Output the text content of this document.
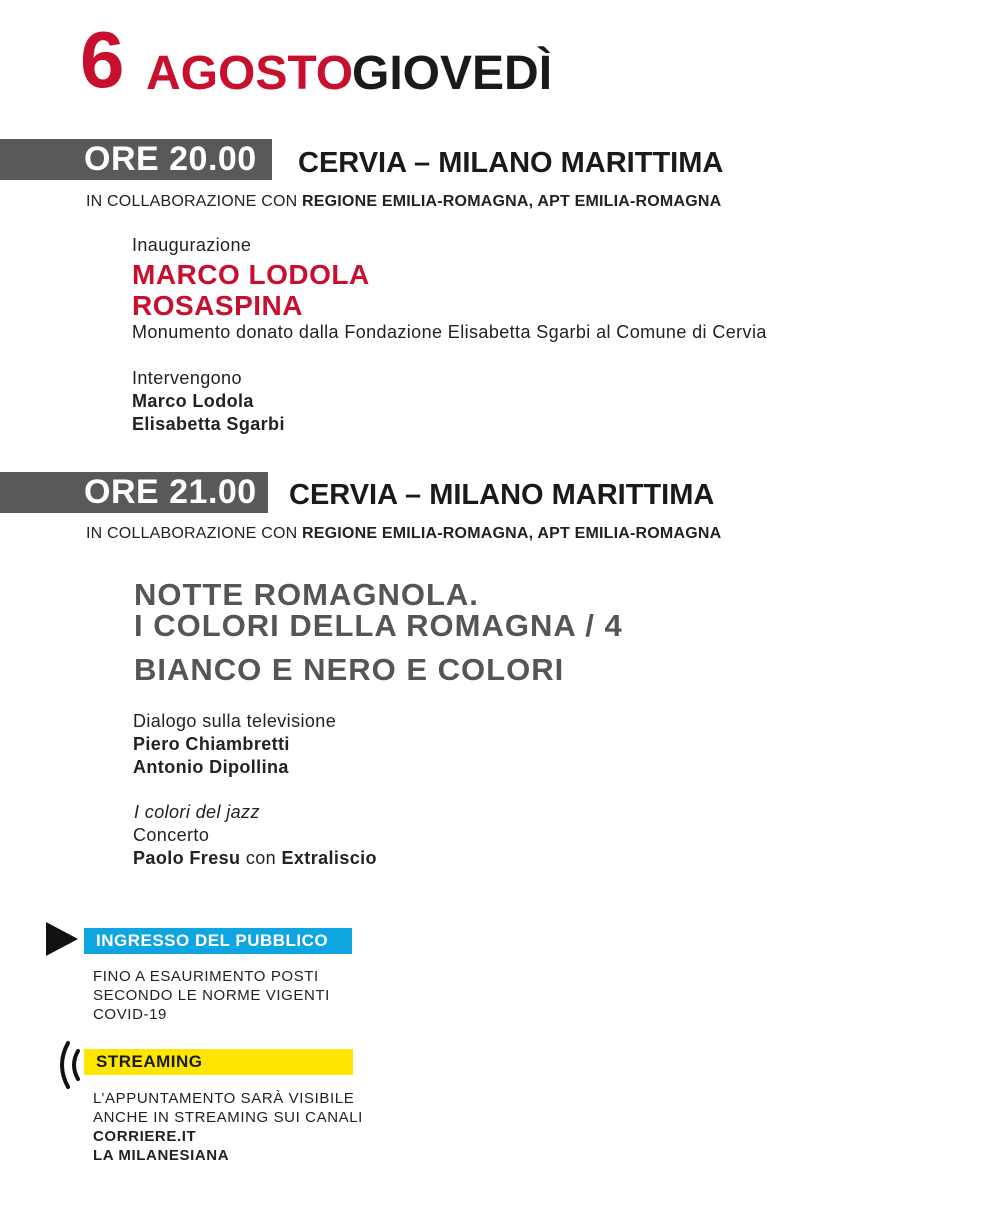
6 AGOSTO
GIOVEDÌ
ORE 20.00 CERVIA – MILANO MARITTIMA
IN COLLABORAZIONE CON REGIONE EMILIA-ROMAGNA, APT EMILIA-ROMAGNA
Inaugurazione
MARCO LODOLA
ROSASPINA
Monumento donato dalla Fondazione Elisabetta Sgarbi al Comune di Cervia
Intervengono
Marco Lodola
Elisabetta Sgarbi
ORE 21.00 CERVIA – MILANO MARITTIMA
IN COLLABORAZIONE CON REGIONE EMILIA-ROMAGNA, APT EMILIA-ROMAGNA
NOTTE ROMAGNOLA.
I COLORI DELLA ROMAGNA / 4
BIANCO E NERO E COLORI
Dialogo sulla televisione
Piero Chiambretti
Antonio Dipollina
I colori del jazz
Concerto
Paolo Fresu con Extraliscio
INGRESSO DEL PUBBLICO
FINO A ESAURIMENTO POSTI
SECONDO LE NORME VIGENTI
COVID-19
STREAMING
L’APPUNTAMENTO SARÀ VISIBILE
ANCHE IN STREAMING SUI CANALI
CORRIERE.IT
LA MILANESIANA
